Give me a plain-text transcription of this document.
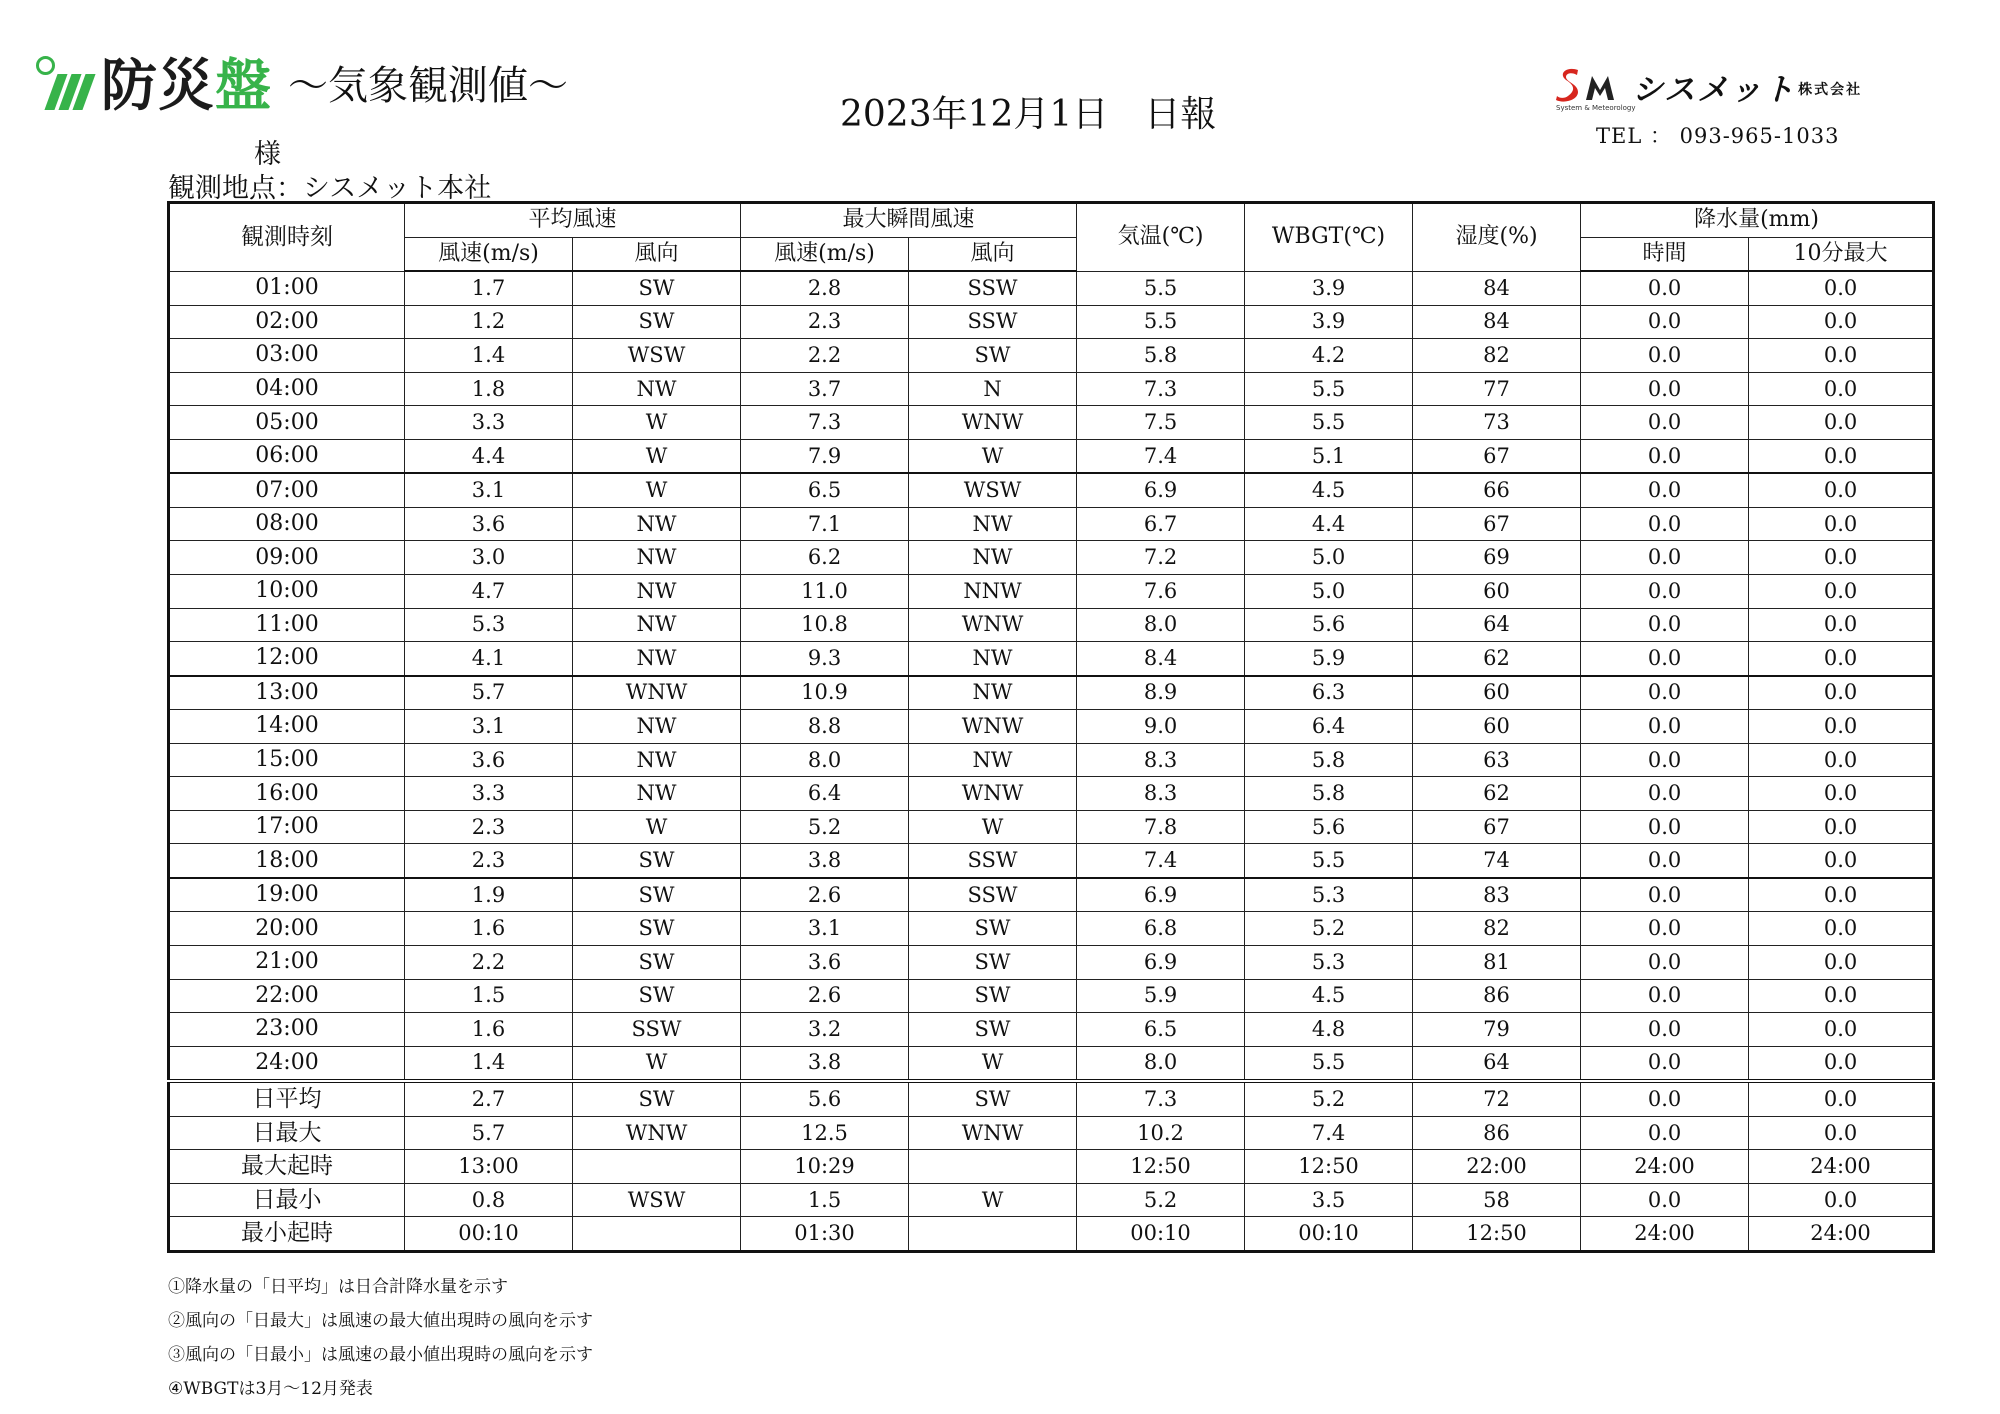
防災盤 ～気象観測値～
2023年12月1日　日報
様
観測地点：シスメット本社
シスメット 株式会社
System & Meteorology
TEL ： 093-965-1033
観測時刻	平均風速		最大瞬間風速		気温(℃)	WBGT(℃)	湿度(%)	降水量(mm)	
	風速(m/s)	風向	風速(m/s)	風向				時間	10分最大
01:00	1.7	SW	2.8	SSW	5.5	3.9	84	0.0	0.0
02:00	1.2	SW	2.3	SSW	5.5	3.9	84	0.0	0.0
03:00	1.4	WSW	2.2	SW	5.8	4.2	82	0.0	0.0
04:00	1.8	NW	3.7	N	7.3	5.5	77	0.0	0.0
05:00	3.3	W	7.3	WNW	7.5	5.5	73	0.0	0.0
06:00	4.4	W	7.9	W	7.4	5.1	67	0.0	0.0
07:00	3.1	W	6.5	WSW	6.9	4.5	66	0.0	0.0
08:00	3.6	NW	7.1	NW	6.7	4.4	67	0.0	0.0
09:00	3.0	NW	6.2	NW	7.2	5.0	69	0.0	0.0
10:00	4.7	NW	11.0	NNW	7.6	5.0	60	0.0	0.0
11:00	5.3	NW	10.8	WNW	8.0	5.6	64	0.0	0.0
12:00	4.1	NW	9.3	NW	8.4	5.9	62	0.0	0.0
13:00	5.7	WNW	10.9	NW	8.9	6.3	60	0.0	0.0
14:00	3.1	NW	8.8	WNW	9.0	6.4	60	0.0	0.0
15:00	3.6	NW	8.0	NW	8.3	5.8	63	0.0	0.0
16:00	3.3	NW	6.4	WNW	8.3	5.8	62	0.0	0.0
17:00	2.3	W	5.2	W	7.8	5.6	67	0.0	0.0
18:00	2.3	SW	3.8	SSW	7.4	5.5	74	0.0	0.0
19:00	1.9	SW	2.6	SSW	6.9	5.3	83	0.0	0.0
20:00	1.6	SW	3.1	SW	6.8	5.2	82	0.0	0.0
21:00	2.2	SW	3.6	SW	6.9	5.3	81	0.0	0.0
22:00	1.5	SW	2.6	SW	5.9	4.5	86	0.0	0.0
23:00	1.6	SSW	3.2	SW	6.5	4.8	79	0.0	0.0
24:00	1.4	W	3.8	W	8.0	5.5	64	0.0	0.0
日平均	2.7	SW	5.6	SW	7.3	5.2	72	0.0	0.0
日最大	5.7	WNW	12.5	WNW	10.2	7.4	86	0.0	0.0
最大起時	13:00		10:29		12:50	12:50	22:00	24:00	24:00
日最小	0.8	WSW	1.5	W	5.2	3.5	58	0.0	0.0
最小起時	00:10		01:30		00:10	00:10	12:50	24:00	24:00
①降水量の「日平均」は日合計降水量を示す
②風向の「日最大」は風速の最大値出現時の風向を示す
③風向の「日最小」は風速の最小値出現時の風向を示す
④WBGTは3月～12月発表
